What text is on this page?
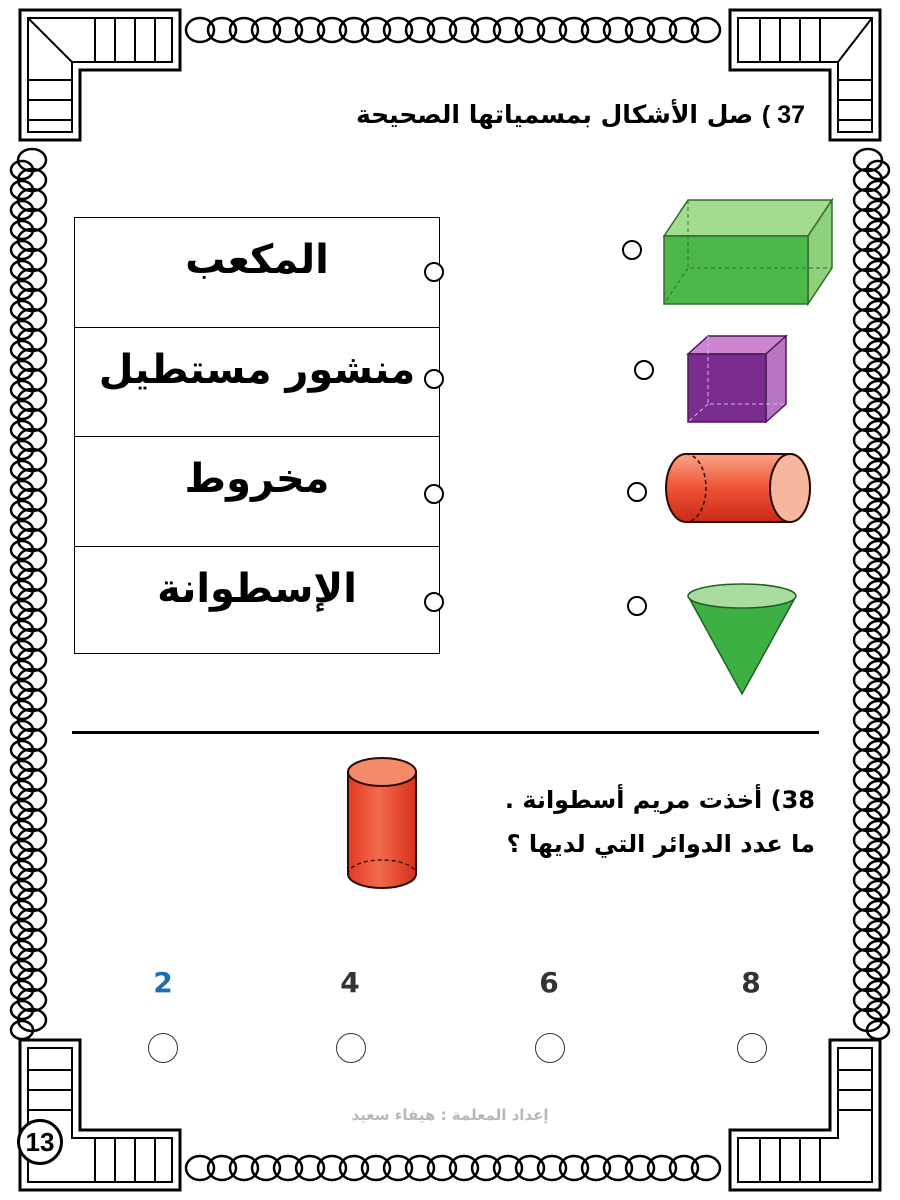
37 ) صل الأشكال بمسمياتها الصحيحة
المكعب
منشور مستطيل
مخروط
الإسطوانة
38) أخذت مريم أسطوانة .
ما عدد الدوائر التي لديها ؟
2	4	6	8
إعداد المعلمة : هيفاء سعيد
13
